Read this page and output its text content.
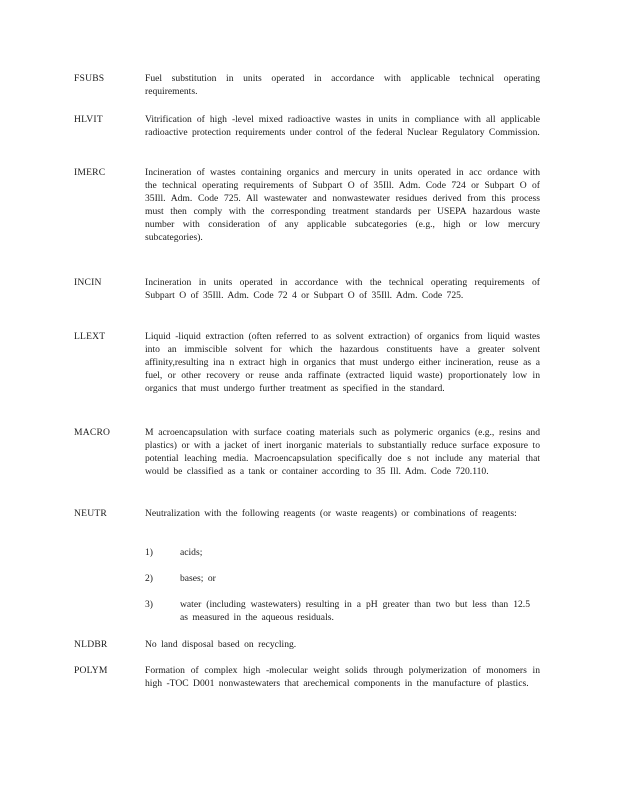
FSUBS	Fuel substitution in units operated in accordance with applicable technical operating requirements.

HLVIT	Vitrification of high -level mixed radioactive wastes in units in compliance with all applicable radioactive protection requirements under control of the federal Nuclear Regulatory Commission.

IMERC	Incineration of wastes containing organics and mercury in units operated in acc ordance with the technical operating requirements of Subpart O of 35Ill. Adm. Code 724 or Subpart O of 35Ill. Adm. Code 725. All wastewater and nonwastewater residues derived from this process must then comply with the corresponding treatment standards per USEPA hazardous waste number with consideration of any applicable subcategories (e.g., high or low mercury subcategories).

INCIN	Incineration in units operated in accordance with the technical operating requirements of Subpart O of 35Ill. Adm. Code 72 4 or Subpart O of 35Ill. Adm. Code 725.

LLEXT	Liquid -liquid extraction (often referred to as solvent extraction) of organics from liquid wastes into an immiscible solvent for which the hazardous constituents have a greater solvent affinity,resulting ina n extract high in organics that must undergo either incineration, reuse as a fuel, or other recovery or reuse anda raffinate (extracted liquid waste) proportionately low in organics that must undergo further treatment as specified in the standard.

MACRO	M acroencapsulation with surface coating materials such as polymeric organics (e.g., resins and plastics) or with a jacket of inert inorganic materials to substantially reduce surface exposure to potential leaching media. Macroencapsulation specifically doe s not include any material that would be classified as a tank or container according to 35 Ill. Adm. Code 720.110.

NEUTR	Neutralization with the following reagents (or waste reagents) or combinations of reagents:

1)	acids;
2)	bases; or
3)	water (including wastewaters) resulting in a pH greater than two but less than 12.5 as measured in the aqueous residuals.
NLDBR	No land disposal based on recycling.

POLYM	Formation of complex high -molecular weight solids through polymerization of monomers in high -TOC D001 nonwastewaters that arechemical components in the manufacture of plastics.
